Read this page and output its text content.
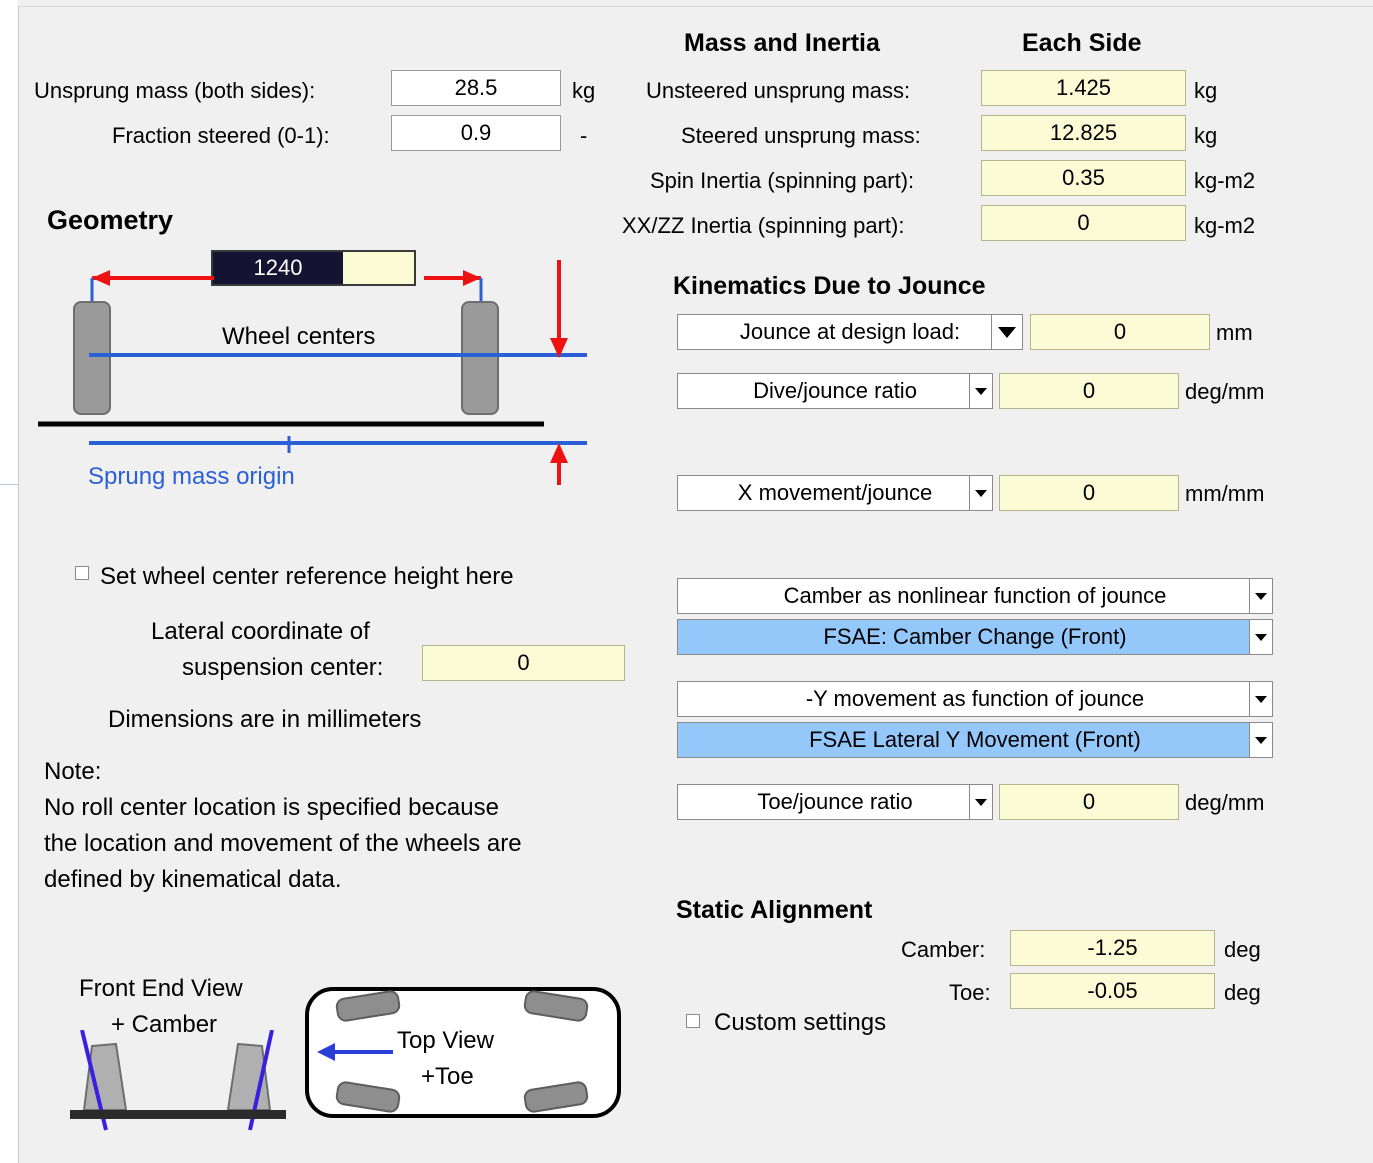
Unsprung mass (both sides):	28.5	kg
Fraction steered (0-1):	0.9	-
Geometry
1240
Wheel centers
Sprung mass origin
Set wheel center reference height here
Lateral coordinate of
suspension center:	0
Dimensions are in millimeters
Note:
No roll center location is specified because
the location and movement of the wheels are
defined by kinematical data.
Front End View
+ Camber
Top View
+Toe
Mass and Inertia	Each Side
Unsteered unsprung mass:	1.425	kg
Steered unsprung mass:	12.825	kg
Spin Inertia (spinning part):	0.35	kg-m2
XX/ZZ Inertia (spinning part):	0	kg-m2
Kinematics Due to Jounce
Jounce at design load:	0	mm
Dive/jounce ratio	0	deg/mm
X movement/jounce	0	mm/mm
Camber as nonlinear function of jounce
FSAE: Camber Change (Front)
-Y movement as function of jounce
FSAE Lateral Y Movement (Front)
Toe/jounce ratio	0	deg/mm
Static Alignment
Camber:	-1.25	deg
Toe:	-0.05	deg
Custom settings
